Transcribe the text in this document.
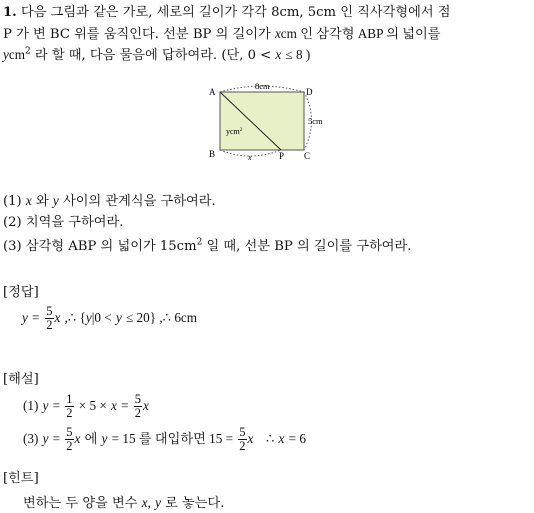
1. 다음 그림과 같은 가로, 세로의 길이가 각각 8cm, 5cm 인 직사각형에서 점
P 가 변 BC 위를 움직인다. 선분 BP 의 길이가 xcm 인 삼각형 ABP 의 넓이를
ycm$^2$ 라 할 때, 다음 물음에 답하여라. (단, 0 < x ≤ 8 )
A	D
B	C
P
8cm
5cm
ycm$^2$
x
(1) x 와 y 사이의 관계식을 구하여라.
(2) 치역을 구하여라.
(3) 삼각형 ABP 의 넓이가 $15cm^2$ 일 때, 선분 BP 의 길이를 구하여라.
[정답]
$y = \frac{5}{2}$ x ,∴ {y|0 < y ≤ 20} ,∴ 6cm
[해설]
(1) $y = \frac{1}{2} \times 5 \times x = \frac{5}{2}$ x
(3) $y = \frac{5}{2}$ x 에 y = 15 를 대입하면 $15 = \frac{5}{2}$ x ∴ x = 6
[힌트]
변하는 두 양을 변수 x, y 로 놓는다.
